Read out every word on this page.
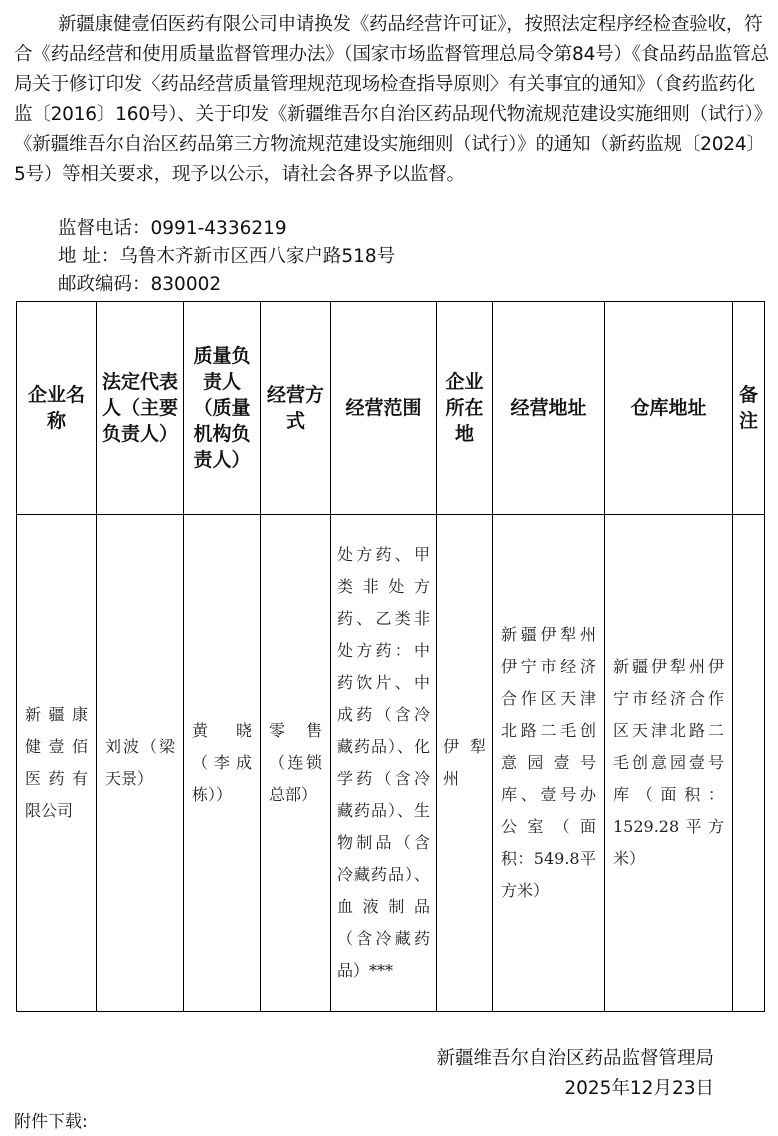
新疆康健壹佰医药有限公司申请换发《药品经营许可证》，按照法定程序经检查验收，符合《药品经营和使用质量监督管理办法》（国家市场监督管理总局令第84号）《食品药品监管总局关于修订印发〈药品经营质量管理规范现场检查指导原则〉有关事宜的通知》（食药监药化监〔2016〕160号）、关于印发《新疆维吾尔自治区药品现代物流规范建设实施细则（试行）》《新疆维吾尔自治区药品第三方物流规范建设实施细则（试行）》的通知（新药监规〔2024〕5号）等相关要求，现予以公示，请社会各界予以监督。

监督电话：0991-4336219
地 址：乌鲁木齐新市区西八家户路518号
邮政编码：830002
企业名称	法定代表人（主要负责人）	质量负责人（质量机构负责人）	经营方式	经营范围	企业所在地	经营地址	仓库地址	备注

新疆康健壹佰医药有限公司	刘波（梁天景）	黄晓（李成栋））	零售（连锁总部）	处方药、甲类非处方药、乙类非处方药：中药饮片、中成药（含冷藏药品）、化学药（含冷藏药品）、生物制品（含冷藏药品）、血液制品（含冷藏药品）***	伊犁州	新疆伊犁州伊宁市经济合作区天津北路二毛创意园壹号库、壹号办公室（面积：549.8平方米）	新疆伊犁州伊宁市经济合作区天津北路二毛创意园壹号库（面积：1529.28平方米）	

新疆维吾尔自治区药品监督管理局
2025年12月23日
附件下载:
